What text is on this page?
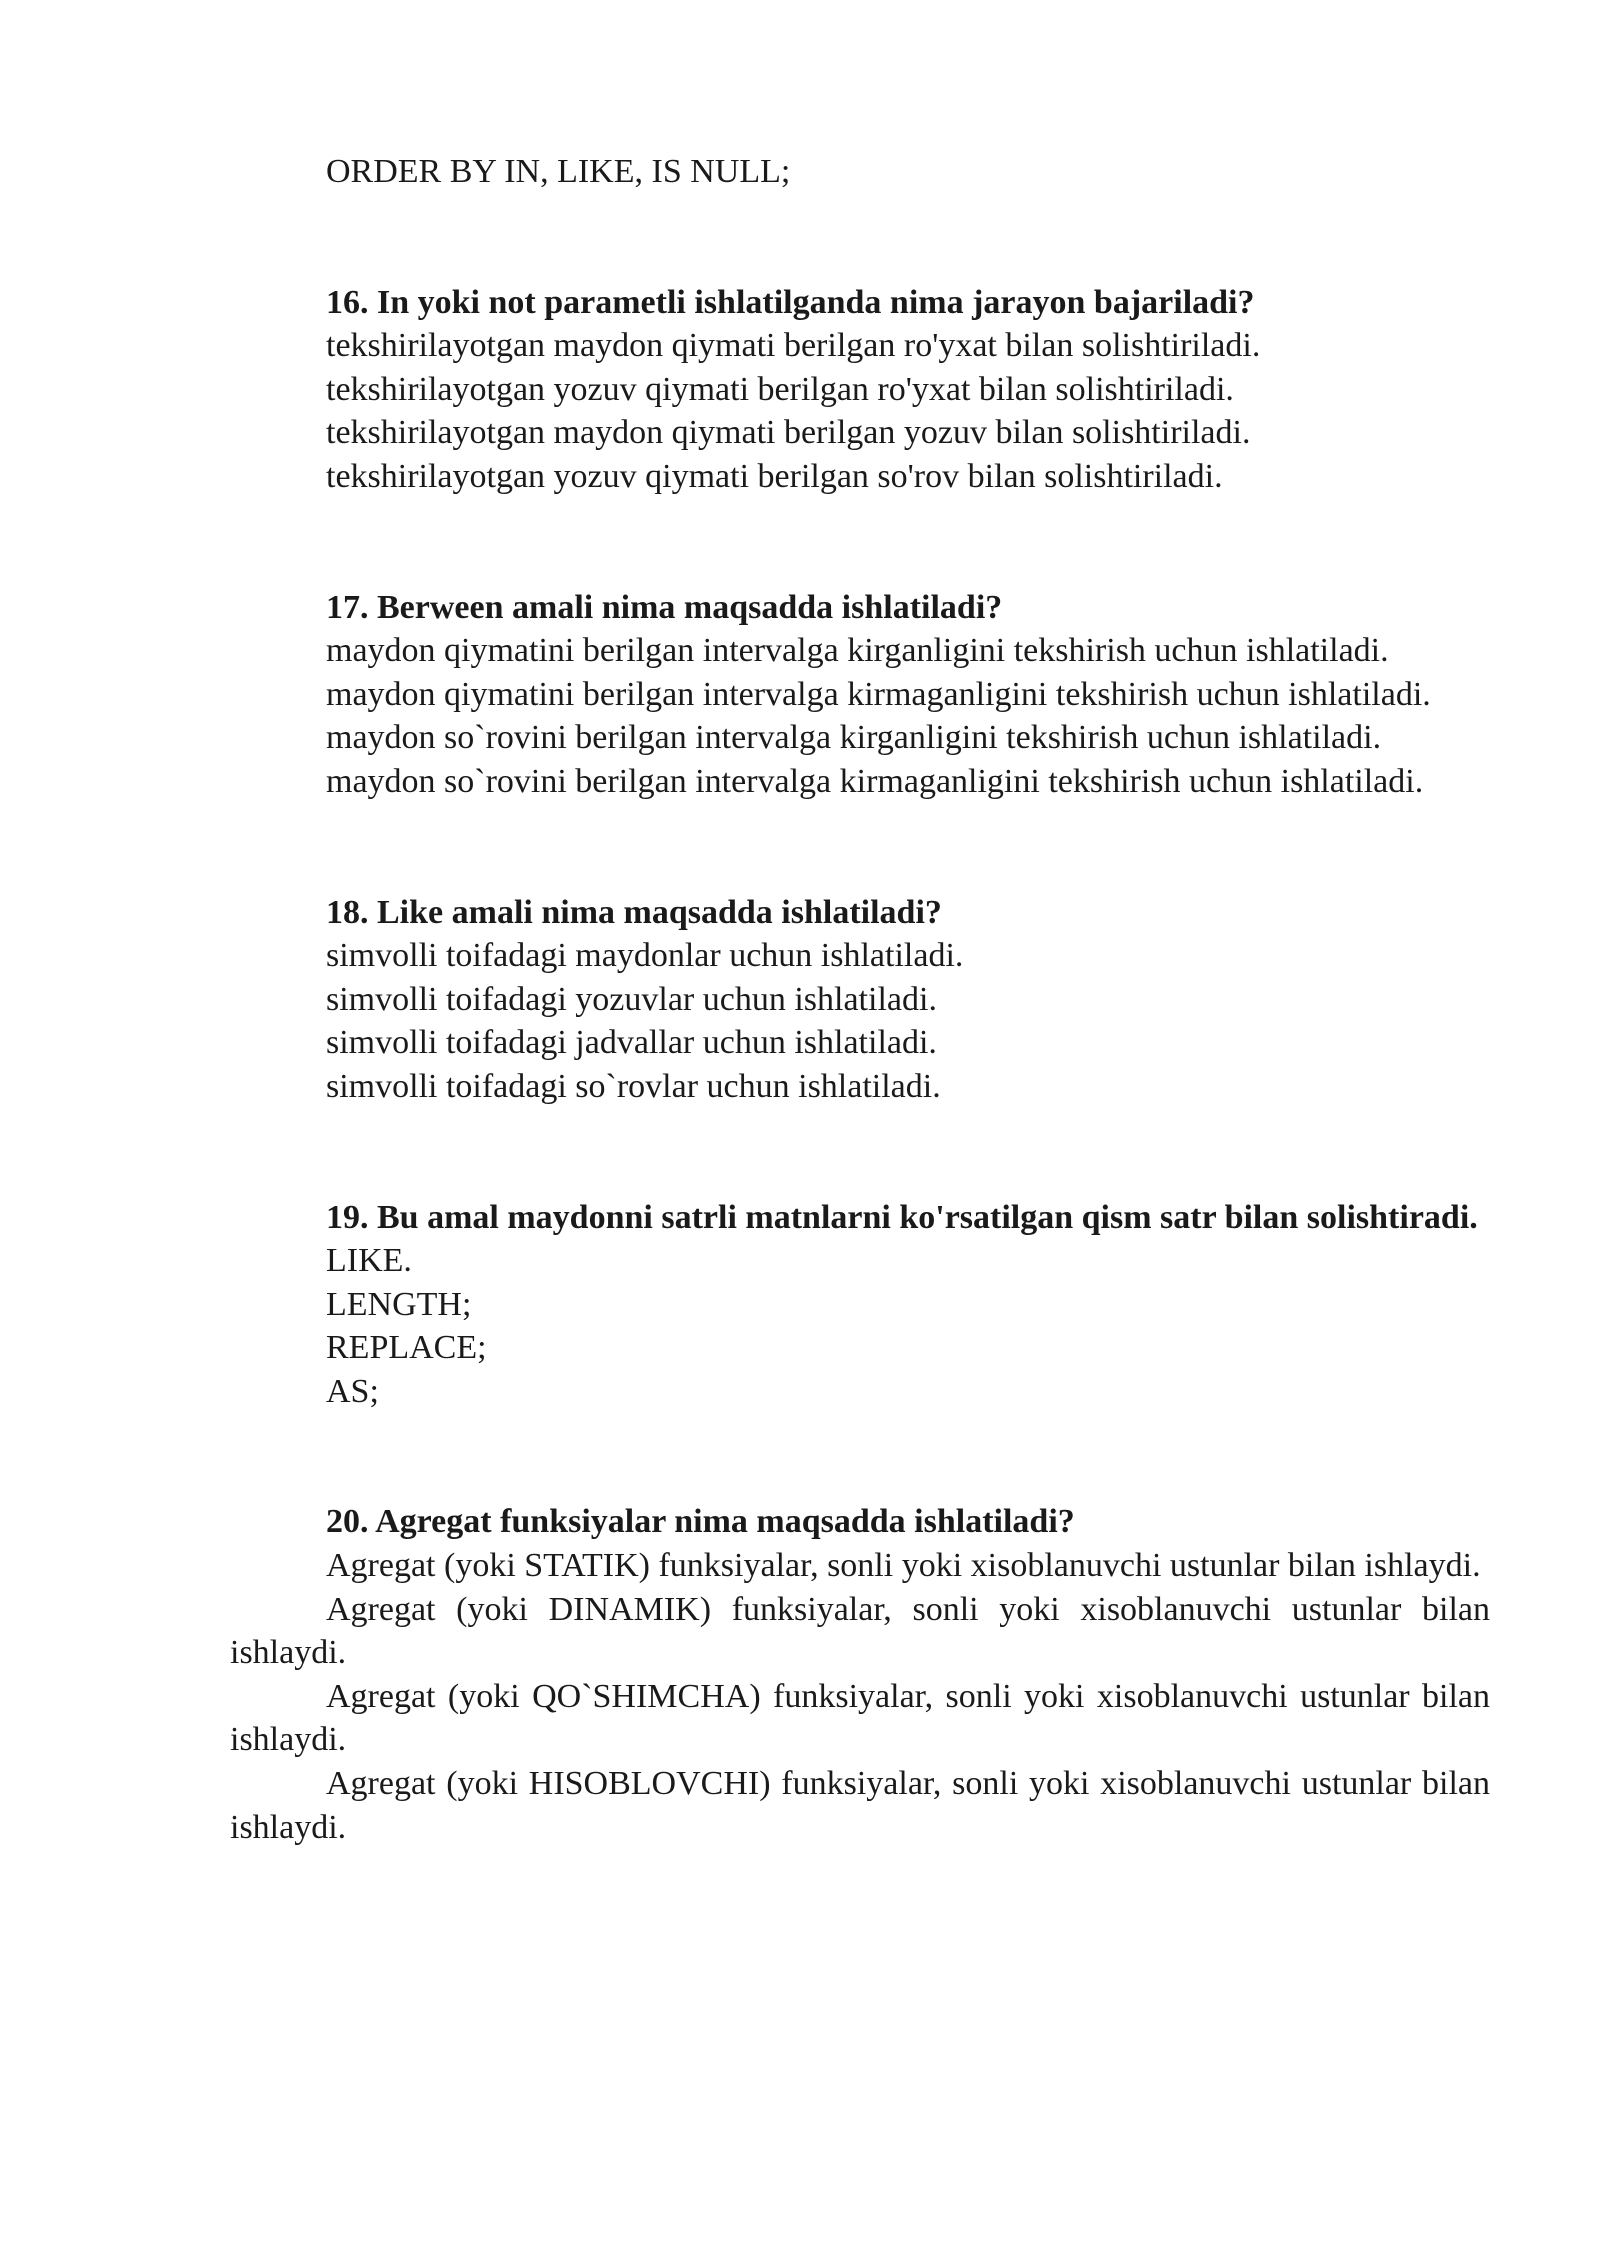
ORDER BY IN, LIKE, IS NULL;

16. In yoki not parametli ishlatilganda nima jarayon bajariladi?

tekshirilayotgan maydon qiymati berilgan ro'yxat bilan solishtiriladi.
tekshirilayotgan yozuv qiymati berilgan ro'yxat bilan solishtiriladi.
tekshirilayotgan maydon qiymati berilgan yozuv bilan solishtiriladi.
tekshirilayotgan yozuv qiymati berilgan so'rov bilan solishtiriladi.

17. Berween amali nima maqsadda ishlatiladi?

maydon qiymatini berilgan intervalga kirganligini tekshirish uchun ishlatiladi.
maydon qiymatini berilgan intervalga kirmaganligini tekshirish uchun ishlatiladi.
maydon so`rovini berilgan intervalga kirganligini tekshirish uchun ishlatiladi.
maydon so`rovini berilgan intervalga kirmaganligini tekshirish uchun ishlatiladi.

18. Like amali nima maqsadda ishlatiladi?

simvolli toifadagi maydonlar uchun ishlatiladi.
simvolli toifadagi yozuvlar uchun ishlatiladi.
simvolli toifadagi jadvallar uchun ishlatiladi.
simvolli toifadagi so`rovlar uchun ishlatiladi.

19. Bu amal maydonni satrli matnlarni ko'rsatilgan qism satr bilan solishtiradi.

LIKE.
LENGTH;
REPLACE;
AS;

20. Agregat funksiyalar nima maqsadda ishlatiladi?

Agregat (yoki STATIK) funksiyalar, sonli yoki xisoblanuvchi ustunlar bilan ishlaydi.
Agregat (yoki DINAMIK) funksiyalar, sonli yoki xisoblanuvchi ustunlar bilan ishlaydi.
Agregat (yoki QO`SHIMCHA) funksiyalar, sonli yoki xisoblanuvchi ustunlar bilan ishlaydi.
Agregat (yoki HISOBLOVCHI) funksiyalar, sonli yoki xisoblanuvchi ustunlar bilan ishlaydi.
